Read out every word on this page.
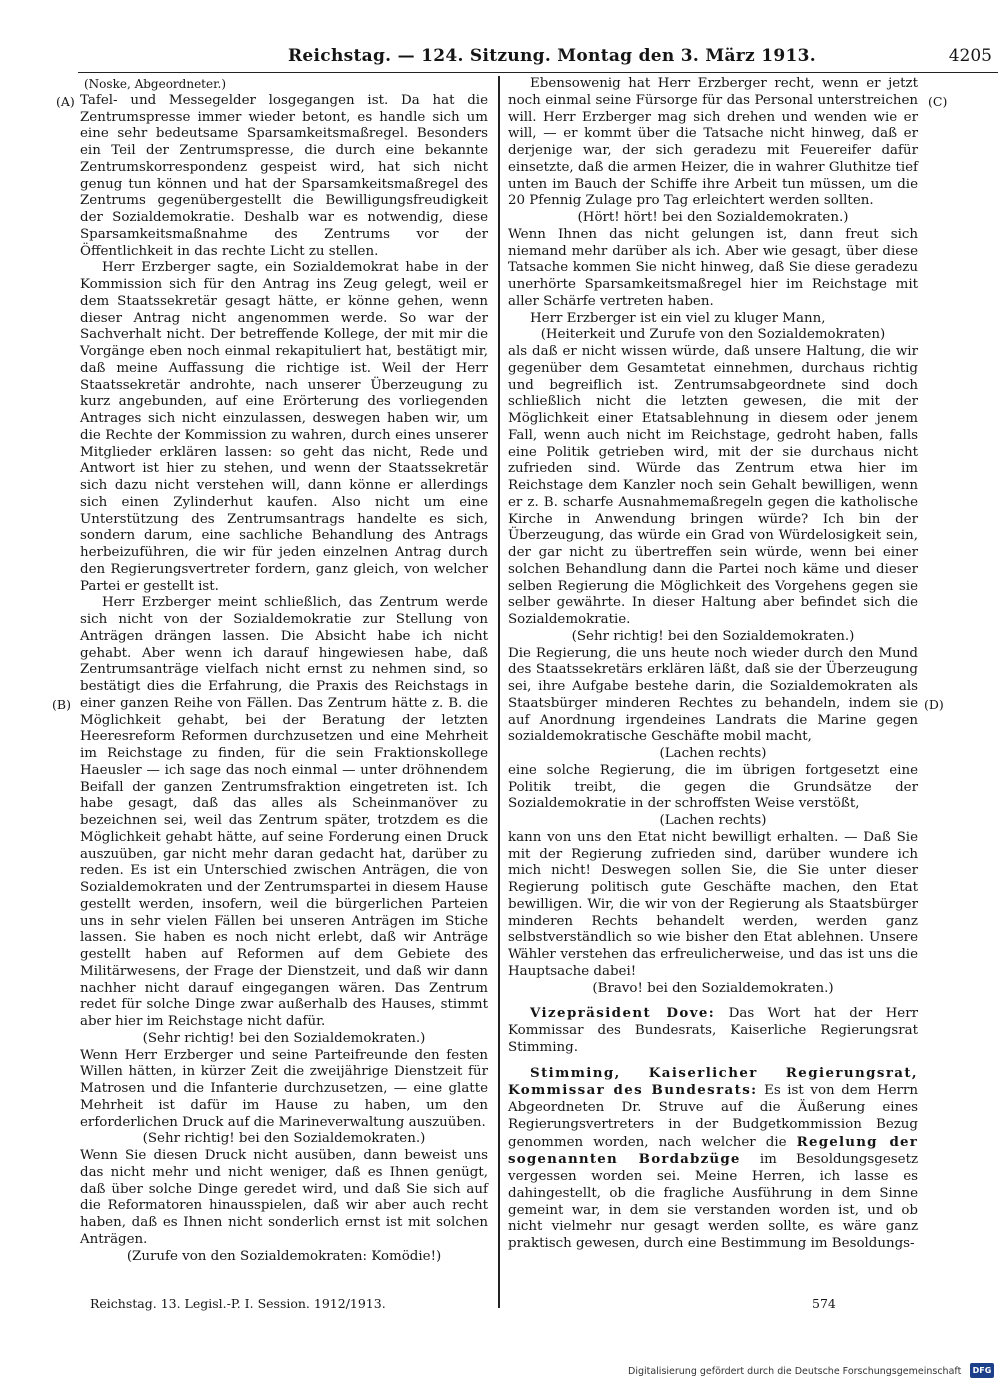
Reichstag. — 124. Sitzung. Montag den 3. März 1913.	4205
(A)
(B)
(C)
(D)

(Noske, Abgeordneter.)

Tafel- und Messegelder losgegangen ist. Da hat die Zentrumspresse immer wieder betont, es handle sich um eine sehr bedeutsame Sparsamkeitsmaßregel. Besonders ein Teil der Zentrumspresse, die durch eine bekannte Zentrumskorrespondenz gespeist wird, hat sich nicht genug tun können und hat der Sparsamkeitsmaßregel des Zentrums gegenübergestellt die Bewilligungsfreudigkeit der Sozialdemokratie. Deshalb war es notwendig, diese Sparsamkeitsmaßnahme des Zentrums vor der Öffentlichkeit in das rechte Licht zu stellen.

Herr Erzberger sagte, ein Sozialdemokrat habe in der Kommission sich für den Antrag ins Zeug gelegt, weil er dem Staatssekretär gesagt hätte, er könne gehen, wenn dieser Antrag nicht angenommen werde. So war der Sachverhalt nicht. Der betreffende Kollege, der mit mir die Vorgänge eben noch einmal rekapituliert hat, bestätigt mir, daß meine Auffassung die richtige ist. Weil der Herr Staatssekretär androhte, nach unserer Überzeugung zu kurz angebunden, auf eine Erörterung des vorliegenden Antrages sich nicht einzulassen, deswegen haben wir, um die Rechte der Kommission zu wahren, durch eines unserer Mitglieder erklären lassen: so geht das nicht, Rede und Antwort ist hier zu stehen, und wenn der Staatssekretär sich dazu nicht verstehen will, dann könne er allerdings sich einen Zylinderhut kaufen. Also nicht um eine Unterstützung des Zentrumsantrags handelte es sich, sondern darum, eine sachliche Behandlung des Antrags herbeizuführen, die wir für jeden einzelnen Antrag durch den Regierungsvertreter fordern, ganz gleich, von welcher Partei er gestellt ist.

Herr Erzberger meint schließlich, das Zentrum werde sich nicht von der Sozialdemokratie zur Stellung von Anträgen drängen lassen. Die Absicht habe ich nicht gehabt. Aber wenn ich darauf hingewiesen habe, daß Zentrumsanträge vielfach nicht ernst zu nehmen sind, so bestätigt dies die Erfahrung, die Praxis des Reichstags in einer ganzen Reihe von Fällen. Das Zentrum hätte z. B. die Möglichkeit gehabt, bei der Beratung der letzten Heeresreform Reformen durchzusetzen und eine Mehrheit im Reichstage zu finden, für die sein Fraktionskollege Haeusler — ich sage das noch einmal — unter dröhnendem Beifall der ganzen Zentrumsfraktion eingetreten ist. Ich habe gesagt, daß das alles als Scheinmanöver zu bezeichnen sei, weil das Zentrum später, trotzdem es die Möglichkeit gehabt hätte, auf seine Forderung einen Druck auszuüben, gar nicht mehr daran gedacht hat, darüber zu reden. Es ist ein Unterschied zwischen Anträgen, die von Sozialdemokraten und der Zentrumspartei in diesem Hause gestellt werden, insofern, weil die bürgerlichen Parteien uns in sehr vielen Fällen bei unseren Anträgen im Stiche lassen. Sie haben es noch nicht erlebt, daß wir Anträge gestellt haben auf Reformen auf dem Gebiete des Militärwesens, der Frage der Dienstzeit, und daß wir dann nachher nicht darauf eingegangen wären. Das Zentrum redet für solche Dinge zwar außerhalb des Hauses, stimmt aber hier im Reichstage nicht dafür.

(Sehr richtig! bei den Sozialdemokraten.)

Wenn Herr Erzberger und seine Parteifreunde den festen Willen hätten, in kürzer Zeit die zweijährige Dienstzeit für Matrosen und die Infanterie durchzusetzen, — eine glatte Mehrheit ist dafür im Hause zu haben, um den erforderlichen Druck auf die Marineverwaltung auszuüben.

(Sehr richtig! bei den Sozialdemokraten.)

Wenn Sie diesen Druck nicht ausüben, dann beweist uns das nicht mehr und nicht weniger, daß es Ihnen genügt, daß über solche Dinge geredet wird, und daß Sie sich auf die Reformatoren hinausspielen, daß wir aber auch recht haben, daß es Ihnen nicht sonderlich ernst ist mit solchen Anträgen.

(Zurufe von den Sozialdemokraten: Komödie!)

Ebensowenig hat Herr Erzberger recht, wenn er jetzt noch einmal seine Fürsorge für das Personal unterstreichen will. Herr Erzberger mag sich drehen und wenden wie er will, — er kommt über die Tatsache nicht hinweg, daß er derjenige war, der sich geradezu mit Feuereifer dafür einsetzte, daß die armen Heizer, die in wahrer Gluthitze tief unten im Bauch der Schiffe ihre Arbeit tun müssen, um die 20 Pfennig Zulage pro Tag erleichtert werden sollten.

(Hört! hört! bei den Sozialdemokraten.)

Wenn Ihnen das nicht gelungen ist, dann freut sich niemand mehr darüber als ich. Aber wie gesagt, über diese Tatsache kommen Sie nicht hinweg, daß Sie diese geradezu unerhörte Sparsamkeitsmaßregel hier im Reichstage mit aller Schärfe vertreten haben.

Herr Erzberger ist ein viel zu kluger Mann,

(Heiterkeit und Zurufe von den Sozialdemokraten)

als daß er nicht wissen würde, daß unsere Haltung, die wir gegenüber dem Gesamtetat einnehmen, durchaus richtig und begreiflich ist. Zentrumsabgeordnete sind doch schließlich nicht die letzten gewesen, die mit der Möglichkeit einer Etatsablehnung in diesem oder jenem Fall, wenn auch nicht im Reichstage, gedroht haben, falls eine Politik getrieben wird, mit der sie durchaus nicht zufrieden sind. Würde das Zentrum etwa hier im Reichstage dem Kanzler noch sein Gehalt bewilligen, wenn er z. B. scharfe Ausnahmemaßregeln gegen die katholische Kirche in Anwendung bringen würde? Ich bin der Überzeugung, das würde ein Grad von Würdelosigkeit sein, der gar nicht zu übertreffen sein würde, wenn bei einer solchen Behandlung dann die Partei noch käme und dieser selben Regierung die Möglichkeit des Vorgehens gegen sie selber gewährte. In dieser Haltung aber befindet sich die Sozialdemokratie.

(Sehr richtig! bei den Sozialdemokraten.)

Die Regierung, die uns heute noch wieder durch den Mund des Staatssekretärs erklären läßt, daß sie der Überzeugung sei, ihre Aufgabe bestehe darin, die Sozialdemokraten als Staatsbürger minderen Rechtes zu behandeln, indem sie auf Anordnung irgendeines Landrats die Marine gegen sozialdemokratische Geschäfte mobil macht,

(Lachen rechts)

eine solche Regierung, die im übrigen fortgesetzt eine Politik treibt, die gegen die Grundsätze der Sozialdemokratie in der schroffsten Weise verstößt,

(Lachen rechts)

kann von uns den Etat nicht bewilligt erhalten. — Daß Sie mit der Regierung zufrieden sind, darüber wundere ich mich nicht! Deswegen sollen Sie, die Sie unter dieser Regierung politisch gute Geschäfte machen, den Etat bewilligen. Wir, die wir von der Regierung als Staatsbürger minderen Rechts behandelt werden, werden ganz selbstverständlich so wie bisher den Etat ablehnen. Unsere Wähler verstehen das erfreulicherweise, und das ist uns die Hauptsache dabei!

(Bravo! bei den Sozialdemokraten.)

Vizepräsident Dove: Das Wort hat der Herr Kommissar des Bundesrats, Kaiserliche Regierungsrat Stimming.

Stimming, Kaiserlicher Regierungsrat, Kommissar des Bundesrats: Es ist von dem Herrn Abgeordneten Dr. Struve auf die Äußerung eines Regierungsvertreters in der Budgetkommission Bezug genommen worden, nach welcher die Regelung der sogenannten Bordabzüge im Besoldungsgesetz vergessen worden sei. Meine Herren, ich lasse es dahingestellt, ob die fragliche Ausführung in dem Sinne gemeint war, in dem sie verstanden worden ist, und ob nicht vielmehr nur gesagt werden sollte, es wäre ganz praktisch gewesen, durch eine Bestimmung im Besoldungs-

Reichstag. 13. Legisl.-P. I. Session. 1912/1913.	574
Digitalisierung gefördert durch die Deutsche Forschungsgemeinschaft	DFG
